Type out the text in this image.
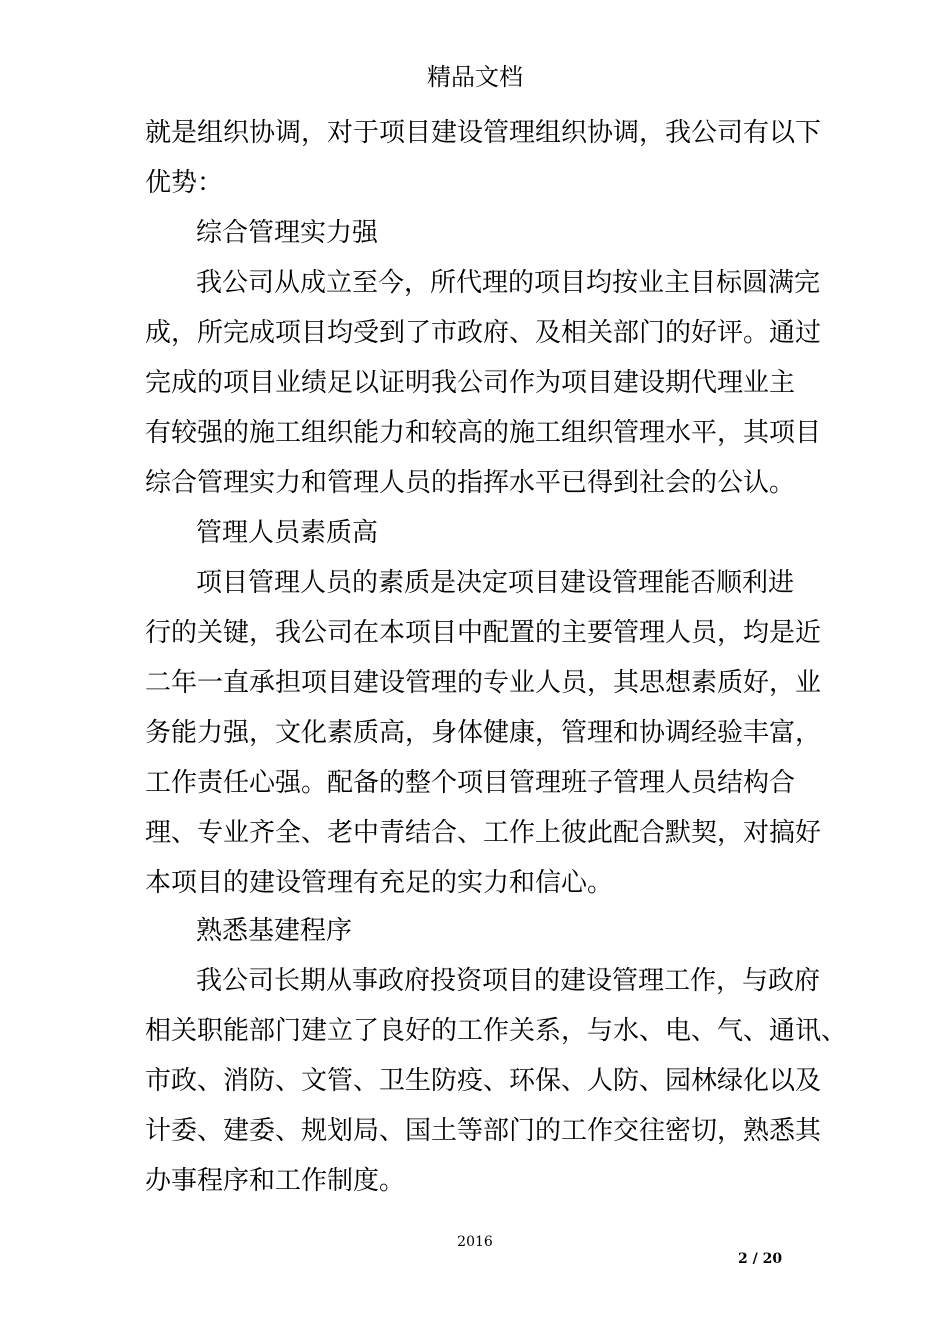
精品文档
就是组织协调，对于项目建设管理组织协调，我公司有以下
优势：
综合管理实力强
我公司从成立至今，所代理的项目均按业主目标圆满完
成，所完成项目均受到了市政府、及相关部门的好评。通过
完成的项目业绩足以证明我公司作为项目建设期代理业主
有较强的施工组织能力和较高的施工组织管理水平，其项目
综合管理实力和管理人员的指挥水平已得到社会的公认。
管理人员素质高
项目管理人员的素质是决定项目建设管理能否顺利进
行的关键，我公司在本项目中配置的主要管理人员，均是近
二年一直承担项目建设管理的专业人员，其思想素质好，业
务能力强，文化素质高，身体健康，管理和协调经验丰富，
工作责任心强。配备的整个项目管理班子管理人员结构合
理、专业齐全、老中青结合、工作上彼此配合默契，对搞好
本项目的建设管理有充足的实力和信心。
熟悉基建程序
我公司长期从事政府投资项目的建设管理工作，与政府
相关职能部门建立了良好的工作关系，与水、电、气、通讯、
市政、消防、文管、卫生防疫、环保、人防、园林绿化以及
计委、建委、规划局、国土等部门的工作交往密切，熟悉其
办事程序和工作制度。
2016
2 / 20
